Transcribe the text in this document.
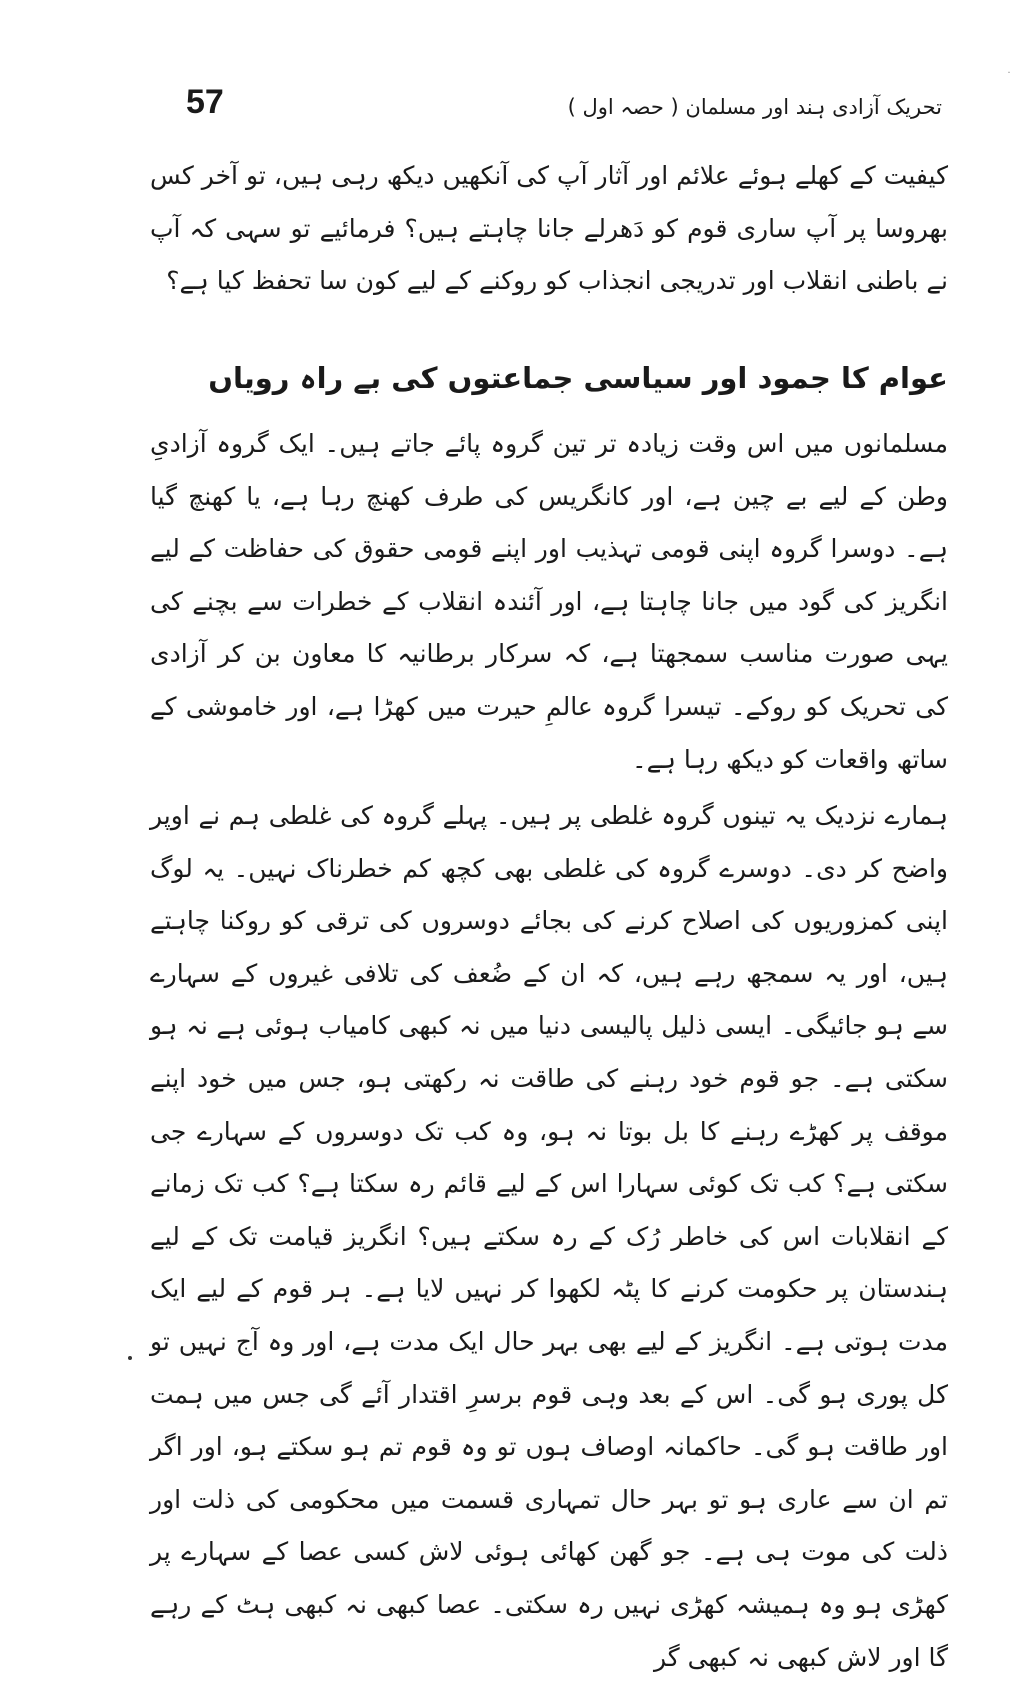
˙
57	تحریک آزادی ہند اور مسلمان ( حصہ اول )

کیفیت کے کھلے ہوئے علائم اور آثار آپ کی آنکھیں دیکھ رہی ہیں، تو آخر کس بھروسا پر آپ ساری قوم کو دَھرلے جانا چاہتے ہیں؟ فرمائیے تو سہی کہ آپ نے باطنی انقلاب اور تدریجی انجذاب کو روکنے کے لیے کون سا تحفظ کیا ہے؟

عوام کا جمود اور سیاسی جماعتوں کی بے راہ رویاں

مسلمانوں میں اس وقت زیادہ تر تین گروہ پائے جاتے ہیں۔ ایک گروہ آزادیِ وطن کے لیے بے چین ہے، اور کانگریس کی طرف کھنچ رہا ہے، یا کھنچ گیا ہے۔ دوسرا گروہ اپنی قومی تہذیب اور اپنے قومی حقوق کی حفاظت کے لیے انگریز کی گود میں جانا چاہتا ہے، اور آئندہ انقلاب کے خطرات سے بچنے کی یہی صورت مناسب سمجھتا ہے، کہ سرکار برطانیہ کا معاون بن کر آزادی کی تحریک کو روکے۔ تیسرا گروہ عالمِ حیرت میں کھڑا ہے، اور خاموشی کے ساتھ واقعات کو دیکھ رہا ہے۔

ہمارے نزدیک یہ تینوں گروہ غلطی پر ہیں۔ پہلے گروہ کی غلطی ہم نے اوپر واضح کر دی۔ دوسرے گروہ کی غلطی بھی کچھ کم خطرناک نہیں۔ یہ لوگ اپنی کمزوریوں کی اصلاح کرنے کی بجائے دوسروں کی ترقی کو روکنا چاہتے ہیں، اور یہ سمجھ رہے ہیں، کہ ان کے ضُعف کی تلافی غیروں کے سہارے سے ہو جائیگی۔ ایسی ذلیل پالیسی دنیا میں نہ کبھی کامیاب ہوئی ہے نہ ہو سکتی ہے۔ جو قوم خود رہنے کی طاقت نہ رکھتی ہو، جس میں خود اپنے موقف پر کھڑے رہنے کا بل بوتا نہ ہو، وہ کب تک دوسروں کے سہارے جی سکتی ہے؟ کب تک کوئی سہارا اس کے لیے قائم رہ سکتا ہے؟ کب تک زمانے کے انقلابات اس کی خاطر رُک کے رہ سکتے ہیں؟ انگریز قیامت تک کے لیے ہندستان پر حکومت کرنے کا پٹہ لکھوا کر نہیں لایا ہے۔ ہر قوم کے لیے ایک مدت ہوتی ہے۔ انگریز کے لیے بھی بہر حال ایک مدت ہے، اور وہ آج نہیں تو کل پوری ہو گی۔ اس کے بعد وہی قوم برسرِ اقتدار آئے گی جس میں ہمت اور طاقت ہو گی۔ حاکمانہ اوصاف ہوں تو وہ قوم تم ہو سکتے ہو، اور اگر تم ان سے عاری ہو تو بہر حال تمہاری قسمت میں محکومی کی ذلت اور ذلت کی موت ہی ہے۔ جو گھن کھائی ہوئی لاش کسی عصا کے سہارے پر کھڑی ہو وہ ہمیشہ کھڑی نہیں رہ سکتی۔ عصا کبھی نہ کبھی ہٹ کے رہے گا اور لاش کبھی نہ کبھی گر
